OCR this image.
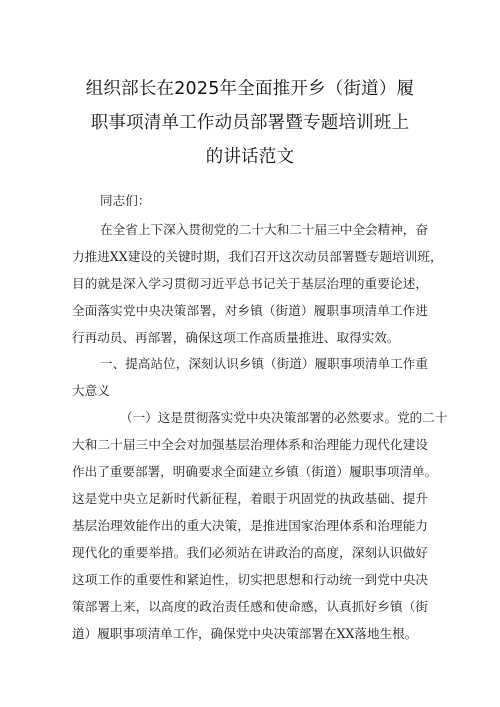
组织部长在2025年全面推开乡（街道）履
职事项清单工作动员部署暨专题培训班上
的讲话范文
同志们：
在全省上下深入贯彻党的二十大和二十届三中全会精神，奋
力推进XX建设的关键时期，我们召开这次动员部署暨专题培训班，
目的就是深入学习贯彻习近平总书记关于基层治理的重要论述，
全面落实党中央决策部署，对乡镇（街道）履职事项清单工作进
行再动员、再部署，确保这项工作高质量推进、取得实效。
一、提高站位，深刻认识乡镇（街道）履职事项清单工作重
大意义
（一）这是贯彻落实党中央决策部署的必然要求。党的二十
大和二十届三中全会对加强基层治理体系和治理能力现代化建设
作出了重要部署，明确要求全面建立乡镇（街道）履职事项清单。
这是党中央立足新时代新征程，着眼于巩固党的执政基础、提升
基层治理效能作出的重大决策，是推进国家治理体系和治理能力
现代化的重要举措。我们必须站在讲政治的高度，深刻认识做好
这项工作的重要性和紧迫性，切实把思想和行动统一到党中央决
策部署上来，以高度的政治责任感和使命感，认真抓好乡镇（街
道）履职事项清单工作，确保党中央决策部署在XX落地生根。
